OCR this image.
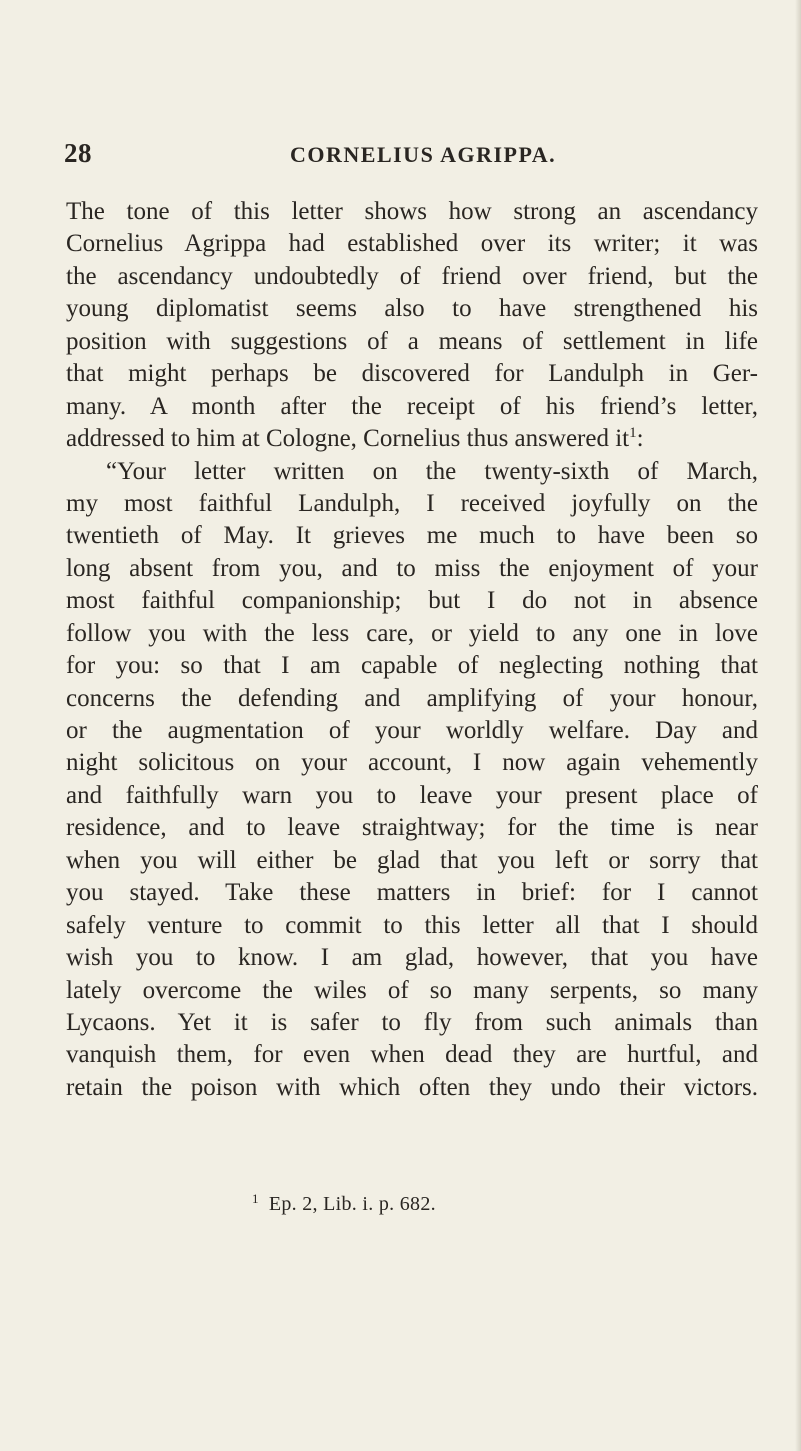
28	CORNELIUS AGRIPPA.
The tone of this letter shows how strong an ascendancy
Cornelius Agrippa had established over its writer; it was
the ascendancy undoubtedly of friend over friend, but the
young diplomatist seems also to have strengthened his
position with suggestions of a means of settlement in life
that might perhaps be discovered for Landulph in Ger-
many. A month after the receipt of his friend’s letter,
addressed to him at Cologne, Cornelius thus answered $it^1$:
“Your letter written on the twenty-sixth of March,
my most faithful Landulph, I received joyfully on the
twentieth of May. It grieves me much to have been so
long absent from you, and to miss the enjoyment of your
most faithful companionship; but I do not in absence
follow you with the less care, or yield to any one in love
for you: so that I am capable of neglecting nothing that
concerns the defending and amplifying of your honour,
or the augmentation of your worldly welfare. Day and
night solicitous on your account, I now again vehemently
and faithfully warn you to leave your present place of
residence, and to leave straightway; for the time is near
when you will either be glad that you left or sorry that
you stayed. Take these matters in brief: for I cannot
safely venture to commit to this letter all that I should
wish you to know. I am glad, however, that you have
lately overcome the wiles of so many serpents, so many
Lycaons. Yet it is safer to fly from such animals than
vanquish them, for even when dead they are hurtful, and
retain the poison with which often they undo their victors.
$^1$ Ep. 2, Lib. i. p. 682.
